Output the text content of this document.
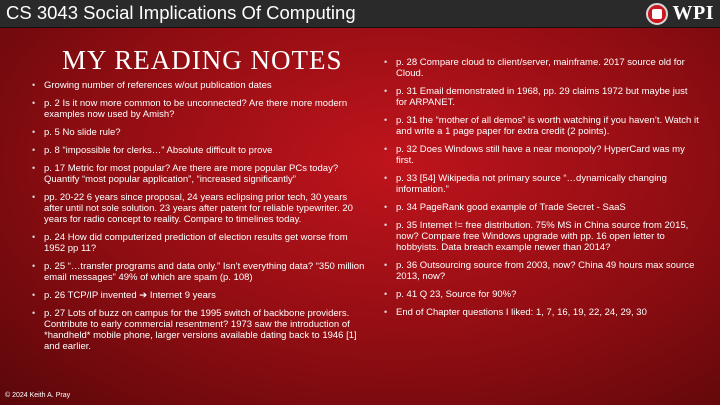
CS 3043 Social Implications Of Computing	WPI
MY READING NOTES
• Growing number of references w/out publication dates
• p. 2 Is it now more common to be unconnected? Are there more modern examples now used by Amish?
• p. 5 No slide rule?
• p. 8 “impossible for clerks…” Absolute difficult to prove
• p. 17 Metric for most popular? Are there are more popular PCs today? Quantify “most popular application”, “increased significantly”
• pp. 20-22 6 years since proposal, 24 years eclipsing prior tech, 30 years after until not sole solution. 23 years after patent for reliable typewriter. 20 years for radio concept to reality. Compare to timelines today.
• p. 24 How did computerized prediction of election results get worse from 1952 pp 11?
• p. 25 “…transfer programs and data only.” Isn’t everything data? “350 million email messages” 49% of which are spam (p. 108)
• p. 26 TCP/IP invented ➔ Internet 9 years
• p. 27 Lots of buzz on campus for the 1995 switch of backbone providers. Contribute to early commercial resentment? 1973 saw the introduction of *handheld* mobile phone, larger versions available dating back to 1946 [1] and earlier.
• p. 28 Compare cloud to client/server, mainframe. 2017 source old for Cloud.
• p. 31 Email demonstrated in 1968, pp. 29 claims 1972 but maybe just for ARPANET.
• p. 31 the “mother of all demos” is worth watching if you haven’t. Watch it and write a 1 page paper for extra credit (2 points).
• p. 32 Does Windows still have a near monopoly? HyperCard was my first.
• p. 33 [54] Wikipedia not primary source “…dynamically changing information.”
• p. 34 PageRank good example of Trade Secret - SaaS
• p. 35 Internet != free distribution. 75% MS in China source from 2015, now? Compare free Windows upgrade with pp. 16 open letter to hobbyists. Data breach example newer than 2014?
• p. 36 Outsourcing source from 2003, now? China 49 hours max source 2013, now?
• p. 41 Q 23, Source for 90%?
• End of Chapter questions I liked: 1, 7, 16, 19, 22, 24, 29, 30
© 2024 Keith A. Pray
